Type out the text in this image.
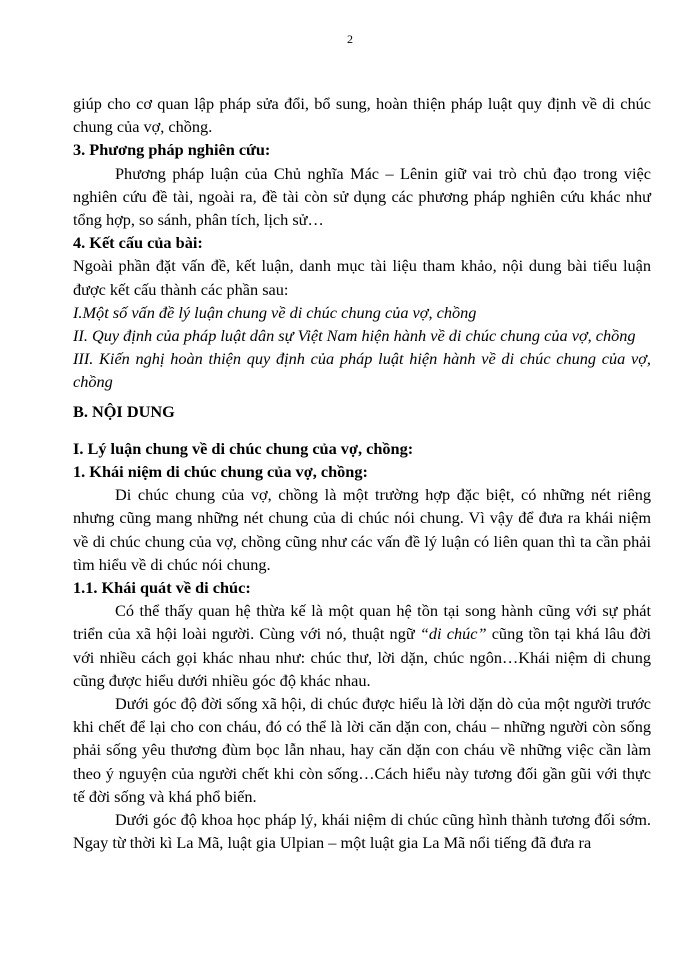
2

giúp cho cơ quan lập pháp sửa đổi, bổ sung, hoàn thiện pháp luật quy định về di chúc chung của vợ, chồng.

3. Phương pháp nghiên cứu:

Phương pháp luận của Chủ nghĩa Mác – Lênin giữ vai trò chủ đạo trong việc nghiên cứu đề tài, ngoài ra, đề tài còn sử dụng các phương pháp nghiên cứu khác như tổng hợp, so sánh, phân tích, lịch sử…

4. Kết cấu của bài:

Ngoài phần đặt vấn đề, kết luận, danh mục tài liệu tham khảo, nội dung bài tiểu luận được kết cấu thành các phần sau:

I.Một số vấn đề lý luận chung về di chúc chung của vợ, chồng

II. Quy định của pháp luật dân sự Việt Nam hiện hành về di chúc chung của vợ, chồng

III. Kiến nghị hoàn thiện quy định của pháp luật hiện hành về di chúc chung của vợ, chồng

B. NỘI DUNG

I. Lý luận chung về di chúc chung của vợ, chồng:

1. Khái niệm di chúc chung của vợ, chồng:

Di chúc chung của vợ, chồng là một trường hợp đặc biệt, có những nét riêng nhưng cũng mang những nét chung của di chúc nói chung. Vì vậy để đưa ra khái niệm về di chúc chung của vợ, chồng cũng như các vấn đề lý luận có liên quan thì ta cần phải tìm hiểu về di chúc nói chung.

1.1. Khái quát về di chúc:

Có thể thấy quan hệ thừa kế là một quan hệ tồn tại song hành cũng với sự phát triển của xã hội loài người. Cùng với nó, thuật ngữ “di chúc” cũng tồn tại khá lâu đời với nhiều cách gọi khác nhau như: chúc thư, lời dặn, chúc ngôn…Khái niệm di chung cũng được hiểu dưới nhiều góc độ khác nhau.

Dưới góc độ đời sống xã hội, di chúc được hiểu là lời dặn dò của một người trước khi chết để lại cho con cháu, đó có thể là lời căn dặn con, cháu – những người còn sống phải sống yêu thương đùm bọc lẫn nhau, hay căn dặn con cháu về những việc cần làm theo ý nguyện của người chết khi còn sống…Cách hiểu này tương đối gần gũi với thực tế đời sống và khá phổ biến.

Dưới góc độ khoa học pháp lý, khái niệm di chúc cũng hình thành tương đối sớm. Ngay từ thời kì La Mã, luật gia Ulpian – một luật gia La Mã nổi tiếng đã đưa ra
